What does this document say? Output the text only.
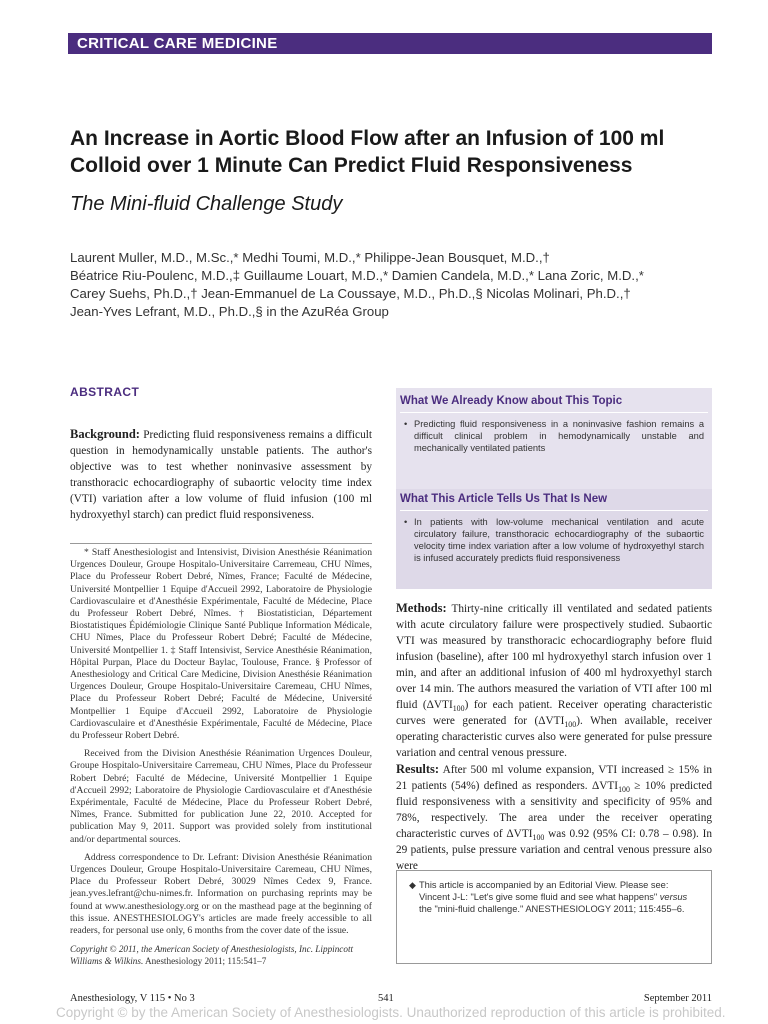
CRITICAL CARE MEDICINE
An Increase in Aortic Blood Flow after an Infusion of 100 ml
Colloid over 1 Minute Can Predict Fluid Responsiveness
The Mini-fluid Challenge Study
Laurent Muller, M.D., M.Sc.,* Medhi Toumi, M.D.,* Philippe-Jean Bousquet, M.D.,†
Béatrice Riu-Poulenc, M.D.,‡ Guillaume Louart, M.D.,* Damien Candela, M.D.,* Lana Zoric, M.D.,*
Carey Suehs, Ph.D.,† Jean-Emmanuel de La Coussaye, M.D., Ph.D.,§ Nicolas Molinari, Ph.D.,†
Jean-Yves Lefrant, M.D., Ph.D.,§ in the AzuRéa Group
ABSTRACT

Background: Predicting fluid responsiveness remains a difficult question in hemodynamically unstable patients. The author's objective was to test whether noninvasive assessment by transthoracic echocardiography of subaortic velocity time index (VTI) variation after a low volume of fluid infusion (100 ml hydroxyethyl starch) can predict fluid responsiveness.

* Staff Anesthesiologist and Intensivist, Division Anesthésie Réanimation Urgences Douleur, Groupe Hospitalo-Universitaire Carremeau, CHU Nîmes, Place du Professeur Robert Debré, Nîmes, France; Faculté de Médecine, Université Montpellier 1 Equipe d'Accueil 2992, Laboratoire de Physiologie Cardiovasculaire et d'Anesthésie Expérimentale, Faculté de Médecine, Place du Professeur Robert Debré, Nîmes. † Biostatistician, Département Biostatistiques Épidémiologie Clinique Santé Publique Information Médicale, CHU Nîmes, Place du Professeur Robert Debré; Faculté de Médecine, Université Montpellier 1. ‡ Staff Intensivist, Service Anesthésie Réanimation, Hôpital Purpan, Place du Docteur Baylac, Toulouse, France. § Professor of Anesthesiology and Critical Care Medicine, Division Anesthésie Réanimation Urgences Douleur, Groupe Hospitalo-Universitaire Caremeau, CHU Nîmes, Place du Professeur Robert Debré; Faculté de Médecine, Université Montpellier 1 Equipe d'Accueil 2992, Laboratoire de Physiologie Cardiovasculaire et d'Anesthésie Expérimentale, Faculté de Médecine, Place du Professeur Robert Debré.

Received from the Division Anesthésie Réanimation Urgences Douleur, Groupe Hospitalo-Universitaire Carremeau, CHU Nîmes, Place du Professeur Robert Debré; Faculté de Médecine, Université Montpellier 1 Equipe d'Accueil 2992; Laboratoire de Physiologie Cardiovasculaire et d'Anesthésie Expérimentale, Faculté de Médecine, Place du Professeur Robert Debré, Nîmes, France. Submitted for publication June 22, 2010. Accepted for publication May 9, 2011. Support was provided solely from institutional and/or departmental sources.

Address correspondence to Dr. Lefrant: Division Anesthésie Réanimation Urgences Douleur, Groupe Hospitalo-Universitaire Caremeau, CHU Nîmes, Place du Professeur Robert Debré, 30029 Nîmes Cedex 9, France. jean.yves.lefrant@chu-nimes.fr. Information on purchasing reprints may be found at www.anesthesiology.org or on the masthead page at the beginning of this issue. ANESTHESIOLOGY's articles are made freely accessible to all readers, for personal use only, 6 months from the cover date of the issue.

Copyright © 2011, the American Society of Anesthesiologists, Inc. Lippincott Williams & Wilkins. Anesthesiology 2011; 115:541–7
What We Already Know about This Topic
• Predicting fluid responsiveness in a noninvasive fashion remains a difficult clinical problem in hemodynamically unstable and mechanically ventilated patients
What This Article Tells Us That Is New
• In patients with low-volume mechanical ventilation and acute circulatory failure, transthoracic echocardiography of the subaortic velocity time index variation after a low volume of hydroxyethyl starch is infused accurately predicts fluid responsiveness

Methods: Thirty-nine critically ill ventilated and sedated patients with acute circulatory failure were prospectively studied. Subaortic VTI was measured by transthoracic echocardiography before fluid infusion (baseline), after 100 ml hydroxyethyl starch infusion over 1 min, and after an additional infusion of 400 ml hydroxyethyl starch over 14 min. The authors measured the variation of VTI after 100 ml fluid $(\Delta VTI_{100})$ for each patient. Receiver operating characteristic curves were generated for $(\Delta VTI_{100})$. When available, receiver operating characteristic curves also were generated for pulse pressure variation and central venous pressure.

Results: After 500 ml volume expansion, VTI increased ≥ 15% in 21 patients (54%) defined as responders. $\Delta VTI_{100} \ge 10\%$ predicted fluid responsiveness with a sensitivity and specificity of 95% and 78%, respectively. The area under the receiver operating characteristic curves of $\Delta VTI_{100}$ was 0.92 (95% CI: 0.78 – 0.98). In 29 patients, pulse pressure variation and central venous pressure also were

◆ This article is accompanied by an Editorial View. Please see: Vincent J-L: "Let's give some fluid and see what happens" versus the "mini-fluid challenge." ANESTHESIOLOGY 2011; 115:455–6.
Anesthesiology, V 115 • No 3	541	September 2011
Copyright © by the American Society of Anesthesiologists. Unauthorized reproduction of this article is prohibited.
